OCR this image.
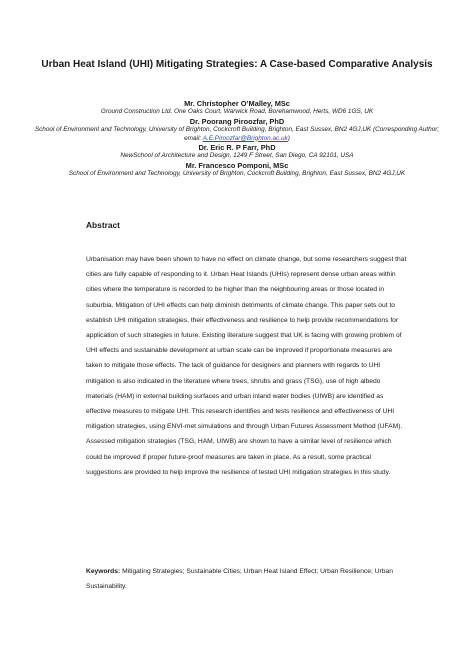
Urban Heat Island (UHI) Mitigating Strategies: A Case-based Comparative Analysis
Mr. Christopher O’Malley, MSc
Ground Construction Ltd. One Oaks Court, Warwick Road, Borehamwood, Herts, WD6 1GS, UK
Dr. Poorang Piroozfar, PhD
School of Environment and Technology, University of Brighton, Cockcroft Building, Brighton, East Sussex, BN2 4GJ,UK (Corresponding Author; email: A.E.Piroozfar@Brighton.ac.uk)
Dr. Eric R. P Farr, PhD
NewSchool of Architecture and Design, 1249 F Street, San Diego, CA 92101, USA
Mr. Francesco Pomponi, MSc
School of Environment and Technology, University of Brighton, Cockcroft Building, Brighton, East Sussex, BN2 4GJ,UK
Abstract

Urbanisation may have been shown to have no effect on climate change, but some researchers suggest that cities are fully capable of responding to it. Urban Heat Islands (UHIs) represent dense urban areas within cities where the temperature is recorded to be higher than the neighbouring areas or those located in suburbia. Mitigation of UHI effects can help diminish detriments of climate change. This paper sets out to establish UHI mitigation strategies, their effectiveness and resilience to help provide recommendations for application of such strategies in future. Existing literature suggest that UK is facing with growing problem of UHI effects and sustainable development at urban scale can be improved if proportionate measures are taken to mitigate those effects. The lack of guidance for designers and planners with regards to UHI mitigation is also indicated in the literature where trees, shrubs and grass (TSG), use of high albedo materials (HAM) in external building surfaces and urban inland water bodies (UIWB) are identified as effective measures to mitigate UHI. This research identifies and tests resilience and effectiveness of UHI mitigation strategies, using ENVI-met simulations and through Urban Futures Assessment Method (UFAM). Assessed mitigation strategies (TSG, HAM, UIWB) are shown to have a similar level of resilience which could be improved if proper future-proof measures are taken in place. As a result, some practical suggestions are provided to help improve the resilience of tested UHI mitigation strategies in this study.

Keywords: Mitigating Strategies; Sustainable Cities; Urban Heat Island Effect; Urban Resilience; Urban Sustainability.
